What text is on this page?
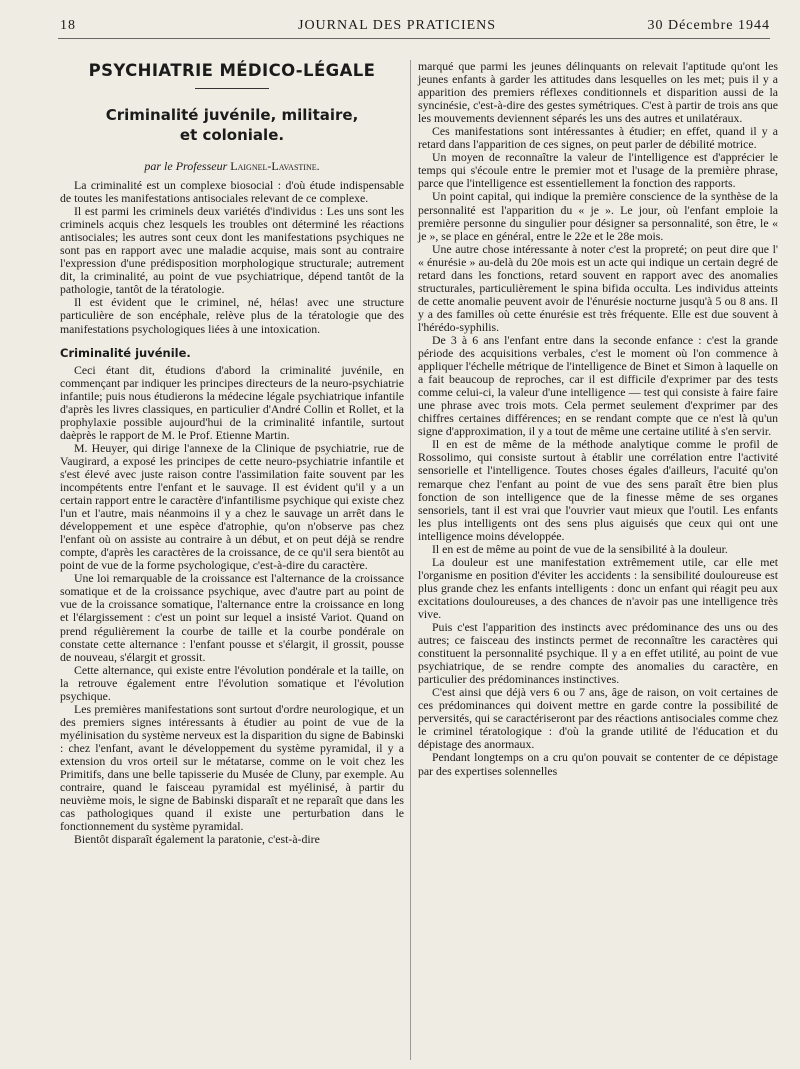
18	JOURNAL DES PRATICIENS	30 Décembre 1944
PSYCHIATRIE MÉDICO-LÉGALE
Criminalité juvénile, militaire,
et coloniale.
par le Professeur Laignel-Lavastine.

La criminalité est un complexe biosocial : d'où étude indispensable de toutes les manifestations antisociales relevant de ce complexe.

Il est parmi les criminels deux variétés d'individus : Les uns sont les criminels acquis chez lesquels les troubles ont déterminé les réactions antisociales; les autres sont ceux dont les manifestations psychiques ne sont pas en rapport avec une maladie acquise, mais sont au contraire l'expression d'une prédisposition morphologique structurale; autrement dit, la criminalité, au point de vue psychiatrique, dépend tantôt de la pathologie, tantôt de la tératologie.

Il est évident que le criminel, né, hélas! avec une structure particulière de son encéphale, relève plus de la tératologie que des manifestations psychologiques liées à une intoxication.

Criminalité juvénile.

Ceci étant dit, étudions d'abord la criminalité juvénile, en commençant par indiquer les principes directeurs de la neuro-psychiatrie infantile; puis nous étudierons la médecine légale psychiatrique infantile d'après les livres classiques, en particulier d'André Collin et Rollet, et la prophylaxie possible aujourd'hui de la criminalité infantile, surtout daèprès le rapport de M. le Prof. Etienne Martin.

M. Heuyer, qui dirige l'annexe de la Clinique de psychiatrie, rue de Vaugirard, a exposé les principes de cette neuro-psychiatrie infantile et s'est élevé avec juste raison contre l'assimilation faite souvent par les incompétents entre l'enfant et le sauvage. Il est évident qu'il y a un certain rapport entre le caractère d'infantilisme psychique qui existe chez l'un et l'autre, mais néanmoins il y a chez le sauvage un arrêt dans le développement et une espèce d'atrophie, qu'on n'observe pas chez l'enfant où on assiste au contraire à un début, et on peut déjà se rendre compte, d'après les caractères de la croissance, de ce qu'il sera bientôt au point de vue de la forme psychologique, c'est-à-dire du caractère.

Une loi remarquable de la croissance est l'alternance de la croissance somatique et de la croissance psychique, avec d'autre part au point de vue de la croissance somatique, l'alternance entre la croissance en long et l'élargissement : c'est un point sur lequel a insisté Variot. Quand on prend régulièrement la courbe de taille et la courbe pondérale on constate cette alternance : l'enfant pousse et s'élargit, il grossit, pousse de nouveau, s'élargit et grossit.

Cette alternance, qui existe entre l'évolution pondérale et la taille, on la retrouve également entre l'évolution somatique et l'évolution psychique.

Les premières manifestations sont surtout d'ordre neurologique, et un des premiers signes intéressants à étudier au point de vue de la myélinisation du système nerveux est la disparition du signe de Babinski : chez l'enfant, avant le développement du système pyramidal, il y a extension du vros orteil sur le métatarse, comme on le voit chez les Primitifs, dans une belle tapisserie du Musée de Cluny, par exemple. Au contraire, quand le faisceau pyramidal est myélinisé, à partir du neuvième mois, le signe de Babinski disparaît et ne reparaît que dans les cas pathologiques quand il existe une perturbation dans le fonctionnement du système pyramidal.

Bientôt disparaît également la paratonie, c'est-à-dire

marqué que parmi les jeunes délinquants on relevait l'aptitude qu'ont les jeunes enfants à garder les attitudes dans lesquelles on les met; puis il y a apparition des premiers réflexes conditionnels et disparition aussi de la syncinésie, c'est-à-dire des gestes symétriques. C'est à partir de trois ans que les mouvements deviennent séparés les uns des autres et unilatéraux.

Ces manifestations sont intéressantes à étudier; en effet, quand il y a retard dans l'apparition de ces signes, on peut parler de débilité motrice.

Un moyen de reconnaître la valeur de l'intelligence est d'apprécier le temps qui s'écoule entre le premier mot et l'usage de la première phrase, parce que l'intelligence est essentiellement la fonction des rapports.

Un point capital, qui indique la première conscience de la synthèse de la personnalité est l'apparition du « je ». Le jour, où l'enfant emploie la première personne du singulier pour désigner sa personnalité, son être, le « je », se place en général, entre le 22e et le 28e mois.

Une autre chose intéressante à noter c'est la propreté; on peut dire que l' « énurésie » au-delà du 20e mois est un acte qui indique un certain degré de retard dans les fonctions, retard souvent en rapport avec des anomalies structurales, particulièrement le spina bifida occulta. Les individus atteints de cette anomalie peuvent avoir de l'énurésie nocturne jusqu'à 5 ou 8 ans. Il y a des familles où cette énurésie est très fréquente. Elle est due souvent à l'hérédo-syphilis.

De 3 à 6 ans l'enfant entre dans la seconde enfance : c'est la grande période des acquisitions verbales, c'est le moment où l'on commence à appliquer l'échelle métrique de l'intelligence de Binet et Simon à laquelle on a fait beaucoup de reproches, car il est difficile d'exprimer par des tests comme celui-ci, la valeur d'une intelligence — test qui consiste à faire faire une phrase avec trois mots. Cela permet seulement d'exprimer par des chiffres certaines différences; en se rendant compte que ce n'est là qu'un signe d'approximation, il y a tout de même une certaine utilité à s'en servir.

Il en est de même de la méthode analytique comme le profil de Rossolimo, qui consiste surtout à établir une corrélation entre l'activité sensorielle et l'intelligence. Toutes choses égales d'ailleurs, l'acuité qu'on remarque chez l'enfant au point de vue des sens paraît être bien plus fonction de son intelligence que de la finesse même de ses organes sensoriels, tant il est vrai que l'ouvrier vaut mieux que l'outil. Les enfants les plus intelligents ont des sens plus aiguisés que ceux qui ont une intelligence moins développée.

Il en est de même au point de vue de la sensibilité à la douleur.

La douleur est une manifestation extrêmement utile, car elle met l'organisme en position d'éviter les accidents : la sensibilité douloureuse est plus grande chez les enfants intelligents : donc un enfant qui réagit peu aux excitations douloureuses, a des chances de n'avoir pas une intelligence très vive.

Puis c'est l'apparition des instincts avec prédominance des uns ou des autres; ce faisceau des instincts permet de reconnaître les caractères qui constituent la personnalité psychique. Il y a en effet utilité, au point de vue psychiatrique, de se rendre compte des anomalies du caractère, en particulier des prédominances instinctives.

C'est ainsi que déjà vers 6 ou 7 ans, âge de raison, on voit certaines de ces prédominances qui doivent mettre en garde contre la possibilité de perversités, qui se caractériseront par des réactions antisociales comme chez le criminel tératologique : d'où la grande utilité de l'éducation et du dépistage des anormaux.

Pendant longtemps on a cru qu'on pouvait se contenter de ce dépistage par des expertises solennelles
